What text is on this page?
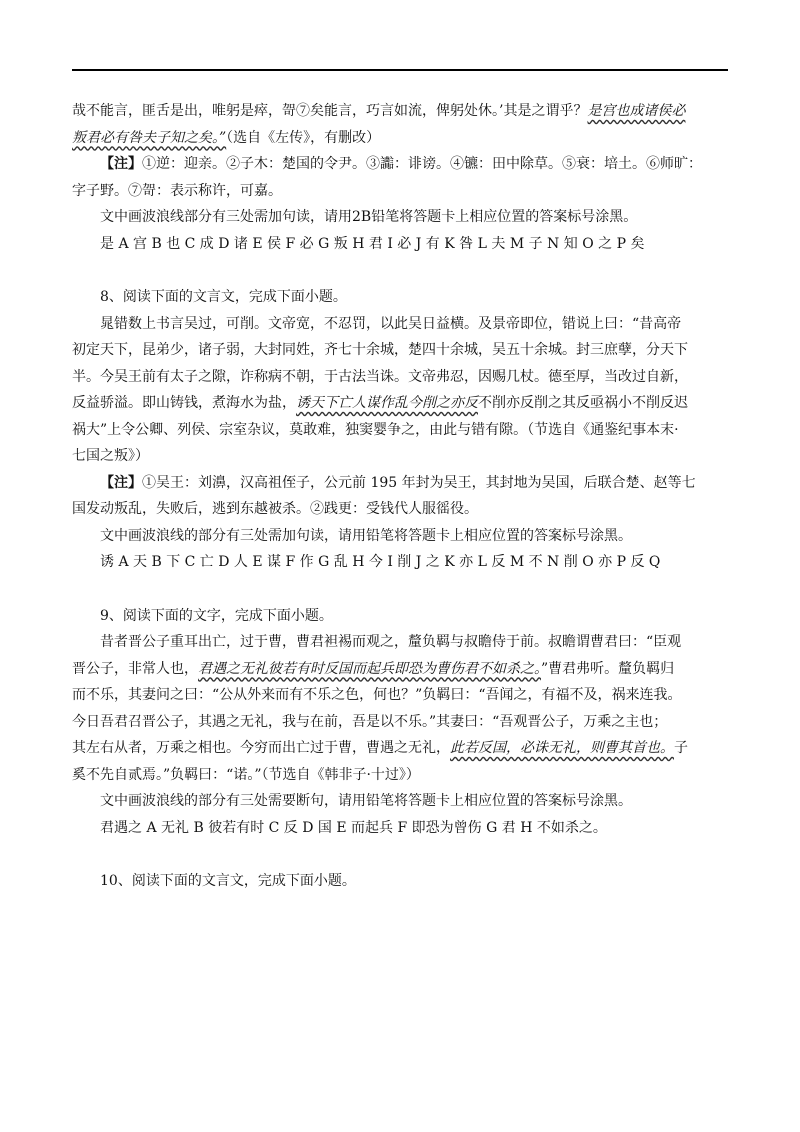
哉不能言，匪舌是出，唯躬是瘁，哿⑦矣能言，巧言如流，俾躬处休。’其是之谓乎？是宫也成诸侯必

叛君必有咎夫子知之矣。”（选自《左传》，有删改）

【注】①逆：迎亲。②子木：楚国的令尹。③讟：诽谤。④镳：田中除草。⑤衰：培土。⑥师旷：

字子野。⑦哿：表示称许，可嘉。

文中画波浪线部分有三处需加句读，请用2B铅笔将答题卡上相应位置的答案标号涂黑。

是 A 宫 B 也 C 成 D 诸 E 侯 F 必 G 叛 H 君 I 必 J 有 K 咎 L 夫 M 子 N 知 O 之 P 矣

8、阅读下面的文言文，完成下面小题。

晁错数上书言吴过，可削。文帝宽，不忍罚，以此吴日益横。及景帝即位，错说上曰：“昔高帝

初定天下，昆弟少，诸子弱，大封同姓，齐七十余城，楚四十余城，吴五十余城。封三庶孽，分天下

半。今吴王前有太子之隙，诈称病不朝，于古法当诛。文帝弗忍，因赐几杖。德至厚，当改过自新，

反益骄溢。即山铸钱，煮海水为盐，诱天下亡人谋作乱今削之亦反不削亦反削之其反亟祸小不削反迟

祸大”上令公卿、列侯、宗室杂议，莫敢难，独窦婴争之，由此与错有隙。（节选自《通鉴纪事本末·

七国之叛》）

【注】①吴王：刘濞，汉高祖侄子，公元前 195 年封为吴王，其封地为吴国，后联合楚、赵等七

国发动叛乱，失败后，逃到东越被杀。②践更：受钱代人服徭役。

文中画波浪线的部分有三处需加句读，请用铅笔将答题卡上相应位置的答案标号涂黑。

诱 A 天 B 下 C 亡 D 人 E 谋 F 作 G 乱 H 今 I 削 J 之 K 亦 L 反 M 不 N 削 O 亦 P 反 Q

9、阅读下面的文字，完成下面小题。

昔者晋公子重耳出亡，过于曹，曹君袒裼而观之，釐负羁与叔瞻侍于前。叔瞻谓曹君曰：“臣观

晋公子，非常人也，君遇之无礼彼若有时反国而起兵即恐为曹伤君不如杀之。”曹君弗听。釐负羁归

而不乐，其妻问之曰：“公从外来而有不乐之色，何也？”负羁曰：“吾闻之，有福不及，祸来连我。

今日吾君召晋公子，其遇之无礼，我与在前，吾是以不乐。”其妻曰：“吾观晋公子，万乘之主也；

其左右从者，万乘之相也。今穷而出亡过于曹，曹遇之无礼，此若反国，必诛无礼，则曹其首也。子

奚不先自贰焉。”负羁曰：“诺。”（节选自《韩非子·十过》）

文中画波浪线的部分有三处需要断句，请用铅笔将答题卡上相应位置的答案标号涂黑。

君遇之 A 无礼 B 彼若有时 C 反 D 国 E 而起兵 F 即恐为曾伤 G 君 H 不如杀之。

10、阅读下面的文言文，完成下面小题。
